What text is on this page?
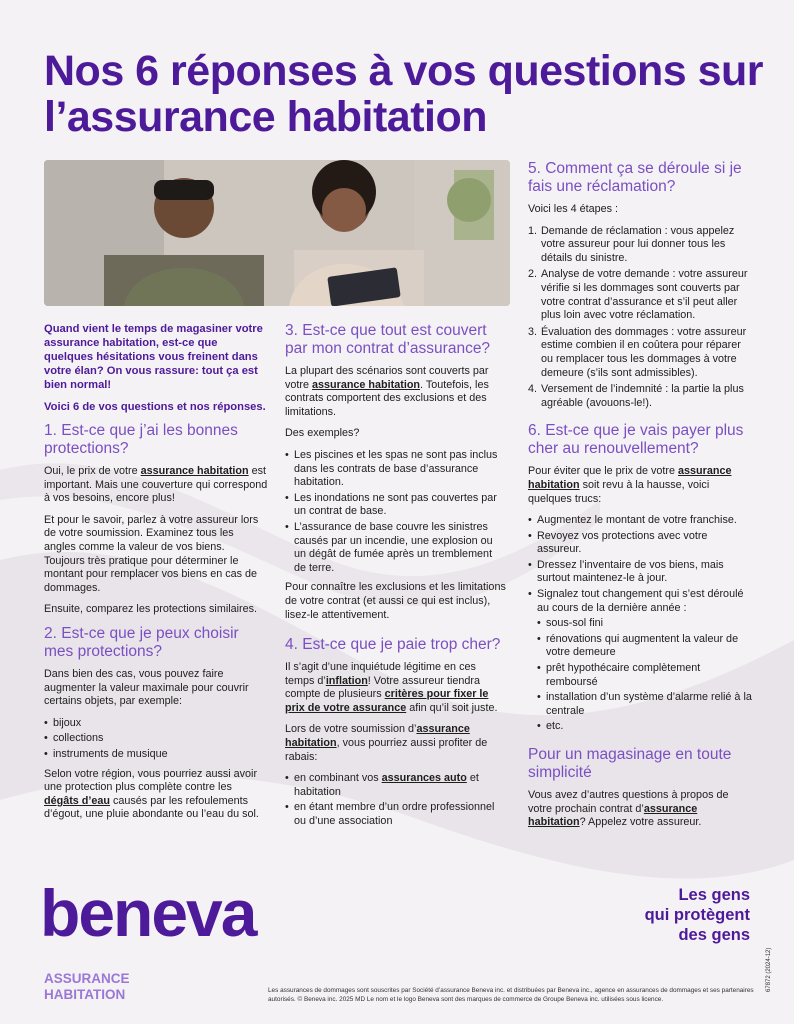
Nos 6 réponses à vos questions sur l’assurance habitation

Quand vient le temps de magasiner votre assurance habitation, est-ce que quelques hésitations vous freinent dans votre élan? On vous rassure: tout ça est bien normal!

Voici 6 de vos questions et nos réponses.

1. Est-ce que j’ai les bonnes protections?

Oui, le prix de votre assurance habitation est important. Mais une couverture qui correspond à vos besoins, encore plus!

Et pour le savoir, parlez à votre assureur lors de votre soumission. Examinez tous les angles comme la valeur de vos biens. Toujours très pratique pour déterminer le montant pour remplacer vos biens en cas de dommages.

Ensuite, comparez les protections similaires.

2. Est-ce que je peux choisir mes protections?

Dans bien des cas, vous pouvez faire augmenter la valeur maximale pour couvrir certains objets, par exemple:

• bijoux
• collections
• instruments de musique

Selon votre région, vous pourriez aussi avoir une protection plus complète contre les dégâts d’eau causés par les refoulements d’égout, une pluie abondante ou l’eau du sol.

3. Est-ce que tout est couvert par mon contrat d’assurance?

La plupart des scénarios sont couverts par votre assurance habitation. Toutefois, les contrats comportent des exclusions et des limitations.

Des exemples?

• Les piscines et les spas ne sont pas inclus dans les contrats de base d’assurance habitation.
• Les inondations ne sont pas couvertes par un contrat de base.
• L’assurance de base couvre les sinistres causés par un incendie, une explosion ou un dégât de fumée après un tremblement de terre.

Pour connaître les exclusions et les limitations de votre contrat (et aussi ce qui est inclus), lisez-le attentivement.

4. Est-ce que je paie trop cher?

Il s’agit d’une inquiétude légitime en ces temps d’inflation! Votre assureur tiendra compte de plusieurs critères pour fixer le prix de votre assurance afin qu’il soit juste.

Lors de votre soumission d’assurance habitation, vous pourriez aussi profiter de rabais:

• en combinant vos assurances auto et habitation
• en étant membre d’un ordre professionnel ou d’une association
5. Comment ça se déroule si je fais une réclamation?

Voici les 4 étapes :

1. Demande de réclamation : vous appelez votre assureur pour lui donner tous les détails du sinistre.
2. Analyse de votre demande : votre assureur vérifie si les dommages sont couverts par votre contrat d’assurance et s’il peut aller plus loin avec votre réclamation.
3. Évaluation des dommages : votre assureur estime combien il en coûtera pour réparer ou remplacer tous les dommages à votre demeure (s’ils sont admissibles).
4. Versement de l’indemnité : la partie la plus agréable (avouons-le!).
6. Est-ce que je vais payer plus cher au renouvellement?

Pour éviter que le prix de votre assurance habitation soit revu à la hausse, voici quelques trucs:

• Augmentez le montant de votre franchise.
• Revoyez vos protections avec votre assureur.
• Dressez l’inventaire de vos biens, mais surtout maintenez-le à jour.
• Signalez tout changement qui s’est déroulé au cours de la dernière année :
• sous-sol fini
• rénovations qui augmentent la valeur de votre demeure
• prêt hypothécaire complètement remboursé
• installation d’un système d’alarme relié à la centrale
• etc.
Pour un magasinage en toute simplicité

Vous avez d’autres questions à propos de votre prochain contrat d’assurance habitation? Appelez votre assureur.

beneva
ASSURANCE
HABITATION
Les gens
qui protègent
des gens
Les assurances de dommages sont souscrites par Société d’assurance Beneva inc. et distribuées par Beneva inc., agence en assurances de dommages et ses partenaires autorisés. © Beneva inc. 2025 MD Le nom et le logo Beneva sont des marques de commerce de Groupe Beneva inc. utilisées sous licence.
67872 (2024-12)
